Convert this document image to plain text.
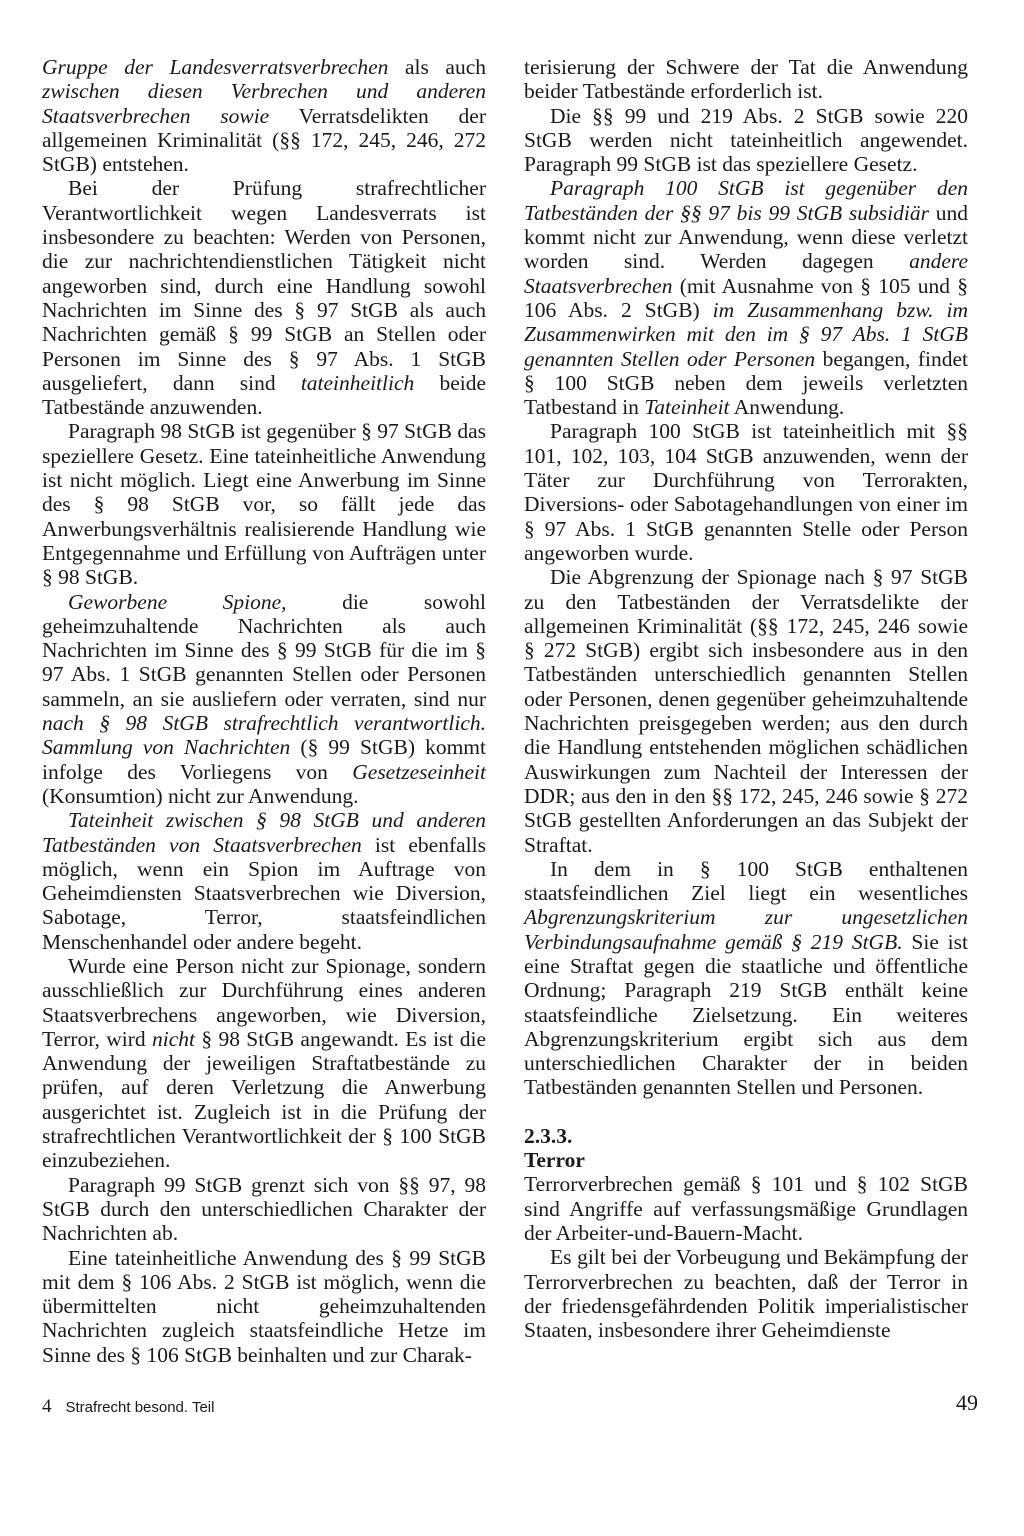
Gruppe der Landesverratsverbrechen als auch zwischen diesen Verbrechen und anderen Staatsverbrechen sowie Verratsdelikten der allgemeinen Kriminalität (§§ 172, 245, 246, 272 StGB) entstehen.

Bei der Prüfung strafrechtlicher Verantwortlichkeit wegen Landesverrats ist insbesondere zu beachten: Werden von Personen, die zur nachrichtendienstlichen Tätigkeit nicht angeworben sind, durch eine Handlung sowohl Nachrichten im Sinne des § 97 StGB als auch Nachrichten gemäß § 99 StGB an Stellen oder Personen im Sinne des § 97 Abs. 1 StGB ausgeliefert, dann sind tateinheitlich beide Tatbestände anzuwenden.

Paragraph 98 StGB ist gegenüber § 97 StGB das speziellere Gesetz. Eine tateinheitliche Anwendung ist nicht möglich. Liegt eine Anwerbung im Sinne des § 98 StGB vor, so fällt jede das Anwerbungsverhältnis realisierende Handlung wie Entgegennahme und Erfüllung von Aufträgen unter § 98 StGB.

Geworbene Spione, die sowohl geheimzuhaltende Nachrichten als auch Nachrichten im Sinne des § 99 StGB für die im § 97 Abs. 1 StGB genannten Stellen oder Personen sammeln, an sie ausliefern oder verraten, sind nur nach § 98 StGB strafrechtlich verantwortlich. Sammlung von Nachrichten (§ 99 StGB) kommt infolge des Vorliegens von Gesetzeseinheit (Konsumtion) nicht zur Anwendung.

Tateinheit zwischen § 98 StGB und anderen Tatbeständen von Staatsverbrechen ist ebenfalls möglich, wenn ein Spion im Auftrage von Geheimdiensten Staatsverbrechen wie Diversion, Sabotage, Terror, staatsfeindlichen Menschenhandel oder andere begeht.

Wurde eine Person nicht zur Spionage, sondern ausschließlich zur Durchführung eines anderen Staatsverbrechens angeworben, wie Diversion, Terror, wird nicht § 98 StGB angewandt. Es ist die Anwendung der jeweiligen Straftatbestände zu prüfen, auf deren Verletzung die Anwerbung ausgerichtet ist. Zugleich ist in die Prüfung der strafrechtlichen Verantwortlichkeit der § 100 StGB einzubeziehen.

Paragraph 99 StGB grenzt sich von §§ 97, 98 StGB durch den unterschiedlichen Charakter der Nachrichten ab.

Eine tateinheitliche Anwendung des § 99 StGB mit dem § 106 Abs. 2 StGB ist möglich, wenn die übermittelten nicht geheimzuhaltenden Nachrichten zugleich staatsfeindliche Hetze im Sinne des § 106 StGB beinhalten und zur Charak-

terisierung der Schwere der Tat die Anwendung beider Tatbestände erforderlich ist.

Die §§ 99 und 219 Abs. 2 StGB sowie 220 StGB werden nicht tateinheitlich angewendet. Paragraph 99 StGB ist das speziellere Gesetz.

Paragraph 100 StGB ist gegenüber den Tatbeständen der §§ 97 bis 99 StGB subsidiär und kommt nicht zur Anwendung, wenn diese verletzt worden sind. Werden dagegen andere Staatsverbrechen (mit Ausnahme von § 105 und § 106 Abs. 2 StGB) im Zusammenhang bzw. im Zusammenwirken mit den im § 97 Abs. 1 StGB genannten Stellen oder Personen begangen, findet § 100 StGB neben dem jeweils verletzten Tatbestand in Tateinheit Anwendung.

Paragraph 100 StGB ist tateinheitlich mit §§ 101, 102, 103, 104 StGB anzuwenden, wenn der Täter zur Durchführung von Terrorakten, Diversions- oder Sabotagehandlungen von einer im § 97 Abs. 1 StGB genannten Stelle oder Person angeworben wurde.

Die Abgrenzung der Spionage nach § 97 StGB zu den Tatbeständen der Verratsdelikte der allgemeinen Kriminalität (§§ 172, 245, 246 sowie § 272 StGB) ergibt sich insbesondere aus in den Tatbeständen unterschiedlich genannten Stellen oder Personen, denen gegenüber geheimzuhaltende Nachrichten preisgegeben werden; aus den durch die Handlung entstehenden möglichen schädlichen Auswirkungen zum Nachteil der Interessen der DDR; aus den in den §§ 172, 245, 246 sowie § 272 StGB gestellten Anforderungen an das Subjekt der Straftat.

In dem in § 100 StGB enthaltenen staatsfeindlichen Ziel liegt ein wesentliches Abgrenzungskriterium zur ungesetzlichen Verbindungsaufnahme gemäß § 219 StGB. Sie ist eine Straftat gegen die staatliche und öffentliche Ordnung; Paragraph 219 StGB enthält keine staatsfeindliche Zielsetzung. Ein weiteres Abgrenzungskriterium ergibt sich aus dem unterschiedlichen Charakter der in beiden Tatbeständen genannten Stellen und Personen.

2.3.3.
Terror

Terrorverbrechen gemäß § 101 und § 102 StGB sind Angriffe auf verfassungsmäßige Grundlagen der Arbeiter-und-Bauern-Macht.

Es gilt bei der Vorbeugung und Bekämpfung der Terrorverbrechen zu beachten, daß der Terror in der friedensgefährdenden Politik imperialistischer Staaten, insbesondere ihrer Geheimdienste

4 Strafrecht besond. Teil	49
